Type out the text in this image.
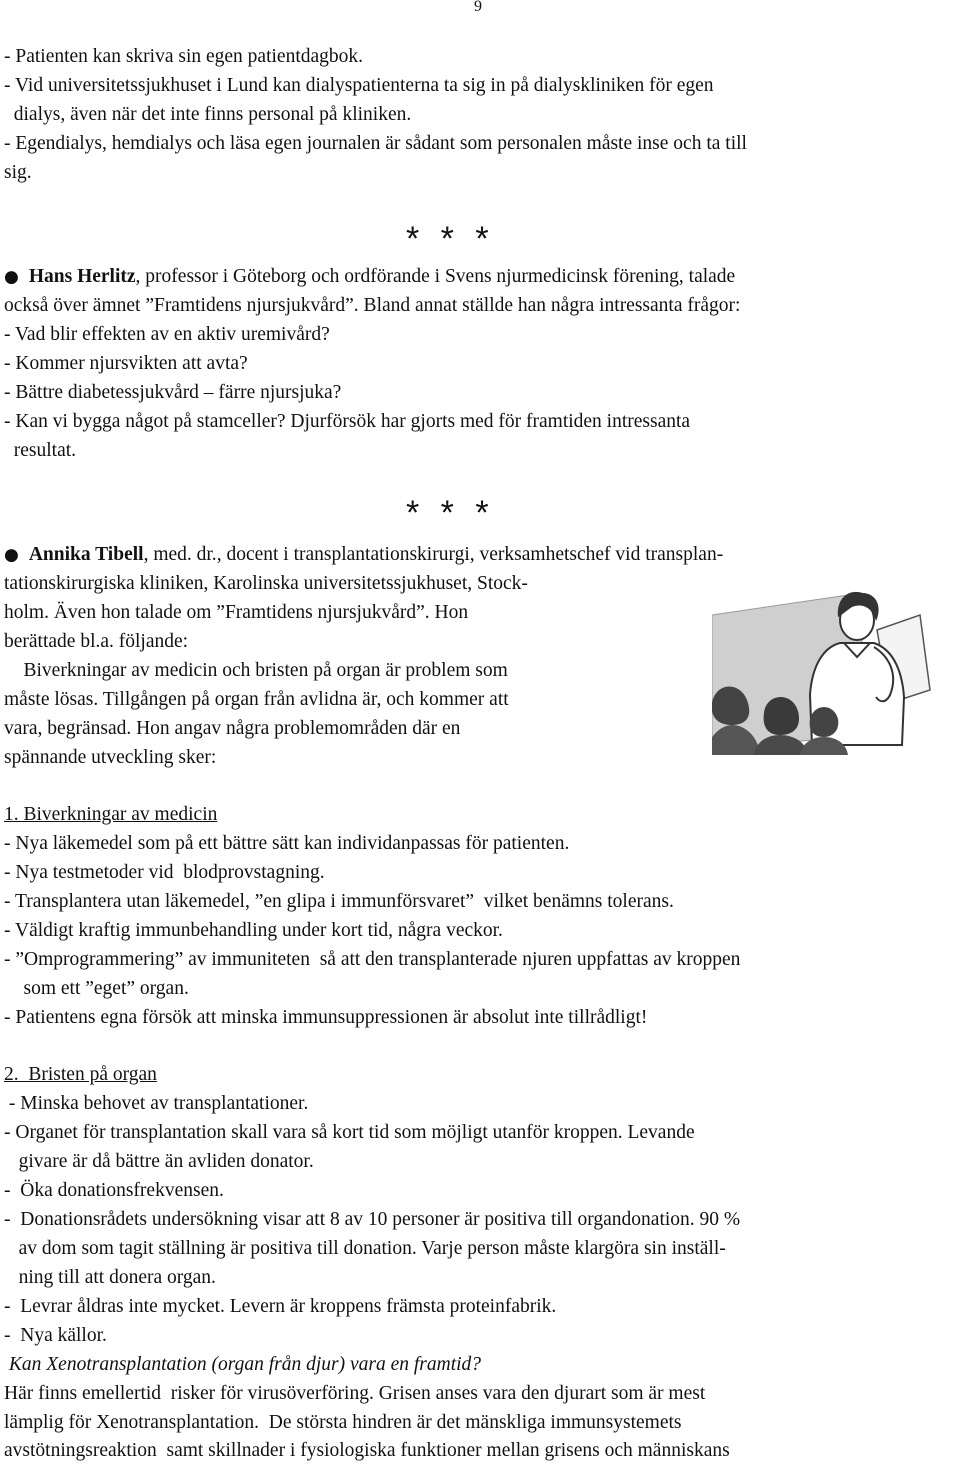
9
- Patienten kan skriva sin egen patientdagbok.
- Vid universitetssjukhuset i Lund kan dialyspatienterna ta sig in på dialyskliniken för egen
dialys, även när det inte finns personal på kliniken.
- Egendialys, hemdialys och läsa egen journalen är sådant som personalen måste inse och ta till
sig.
* * *
● Hans Herlitz, professor i Göteborg och ordförande i Svens njurmedicinsk förening, talade
också över ämnet ”Framtidens njursjukvård”. Bland annat ställde han några intressanta frågor:
- Vad blir effekten av en aktiv uremivård?
- Kommer njursvikten att avta?
- Bättre diabetessjukvård – färre njursjuka?
- Kan vi bygga något på stamceller? Djurförsök har gjorts med för framtiden intressanta
resultat.
* * *
● Annika Tibell, med. dr., docent i transplantationskirurgi, verksamhetschef vid transplan-
tationskirurgiska kliniken, Karolinska universitetssjukhuset, Stock-
holm. Även hon talade om ”Framtidens njursjukvård”. Hon
berättade bl.a. följande:
Biverkningar av medicin och bristen på organ är problem som
måste lösas. Tillgången på organ från avlidna är, och kommer att
vara, begränsad. Hon angav några problemområden där en
spännande utveckling sker:
1. Biverkningar av medicin
- Nya läkemedel som på ett bättre sätt kan individanpassas för patienten.
- Nya testmetoder vid  blodprovstagning.
- Transplantera utan läkemedel, ”en glipa i immunförsvaret”  vilket benämns tolerans.
- Väldigt kraftig immunbehandling under kort tid, några veckor.
- ”Omprogrammering” av immuniteten  så att den transplanterade njuren uppfattas av kroppen
som ett ”eget” organ.
- Patientens egna försök att minska immunsuppressionen är absolut inte tillrådligt!
2.  Bristen på organ
- Minska behovet av transplantationer.
- Organet för transplantation skall vara så kort tid som möjligt utanför kroppen. Levande
givare är då bättre än avliden donator.
-  Öka donationsfrekvensen.
-  Donationsrådets undersökning visar att 8 av 10 personer är positiva till organdonation. 90 %
av dom som tagit ställning är positiva till donation. Varje person måste klargöra sin inställ-
ning till att donera organ.
-  Levrar åldras inte mycket. Levern är kroppens främsta proteinfabrik.
-  Nya källor.
Kan Xenotransplantation (organ från djur) vara en framtid?
Här finns emellertid  risker för virusöverföring. Grisen anses vara den djurart som är mest
lämplig för Xenotransplantation.  De största hindren är det mänskliga immunsystemets
avstötningsreaktion  samt skillnader i fysiologiska funktioner mellan grisens och människans
